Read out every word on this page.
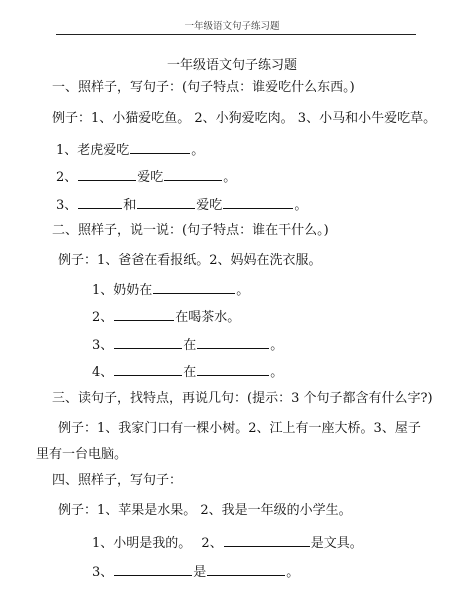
一年级语文句子练习题
一年级语文句子练习题
一、照样子，写句子：(句子特点：谁爱吃什么东西。)
例子：1、小猫爱吃鱼。 2、小狗爱吃肉。 3、小马和小牛爱吃草。
1、老虎爱吃	。
2、	爱吃	。
3、	和	爱吃	。
二、照样子，说一说：(句子特点：谁在干什么。)
例子：1、爸爸在看报纸。2、妈妈在洗衣服。
1、奶奶在	。
2、	在喝茶水。
3、	在	。
4、	在	。
三、读句子，找特点，再说几句：(提示：3 个句子都含有什么字?)
例子：1、我家门口有一棵小树。2、江上有一座大桥。3、屋子
里有一台电脑。
四、照样子，写句子：
例子：1、苹果是水果。 2、我是一年级的小学生。
1、小明是我的。 2、	是文具。
3、	是	。
